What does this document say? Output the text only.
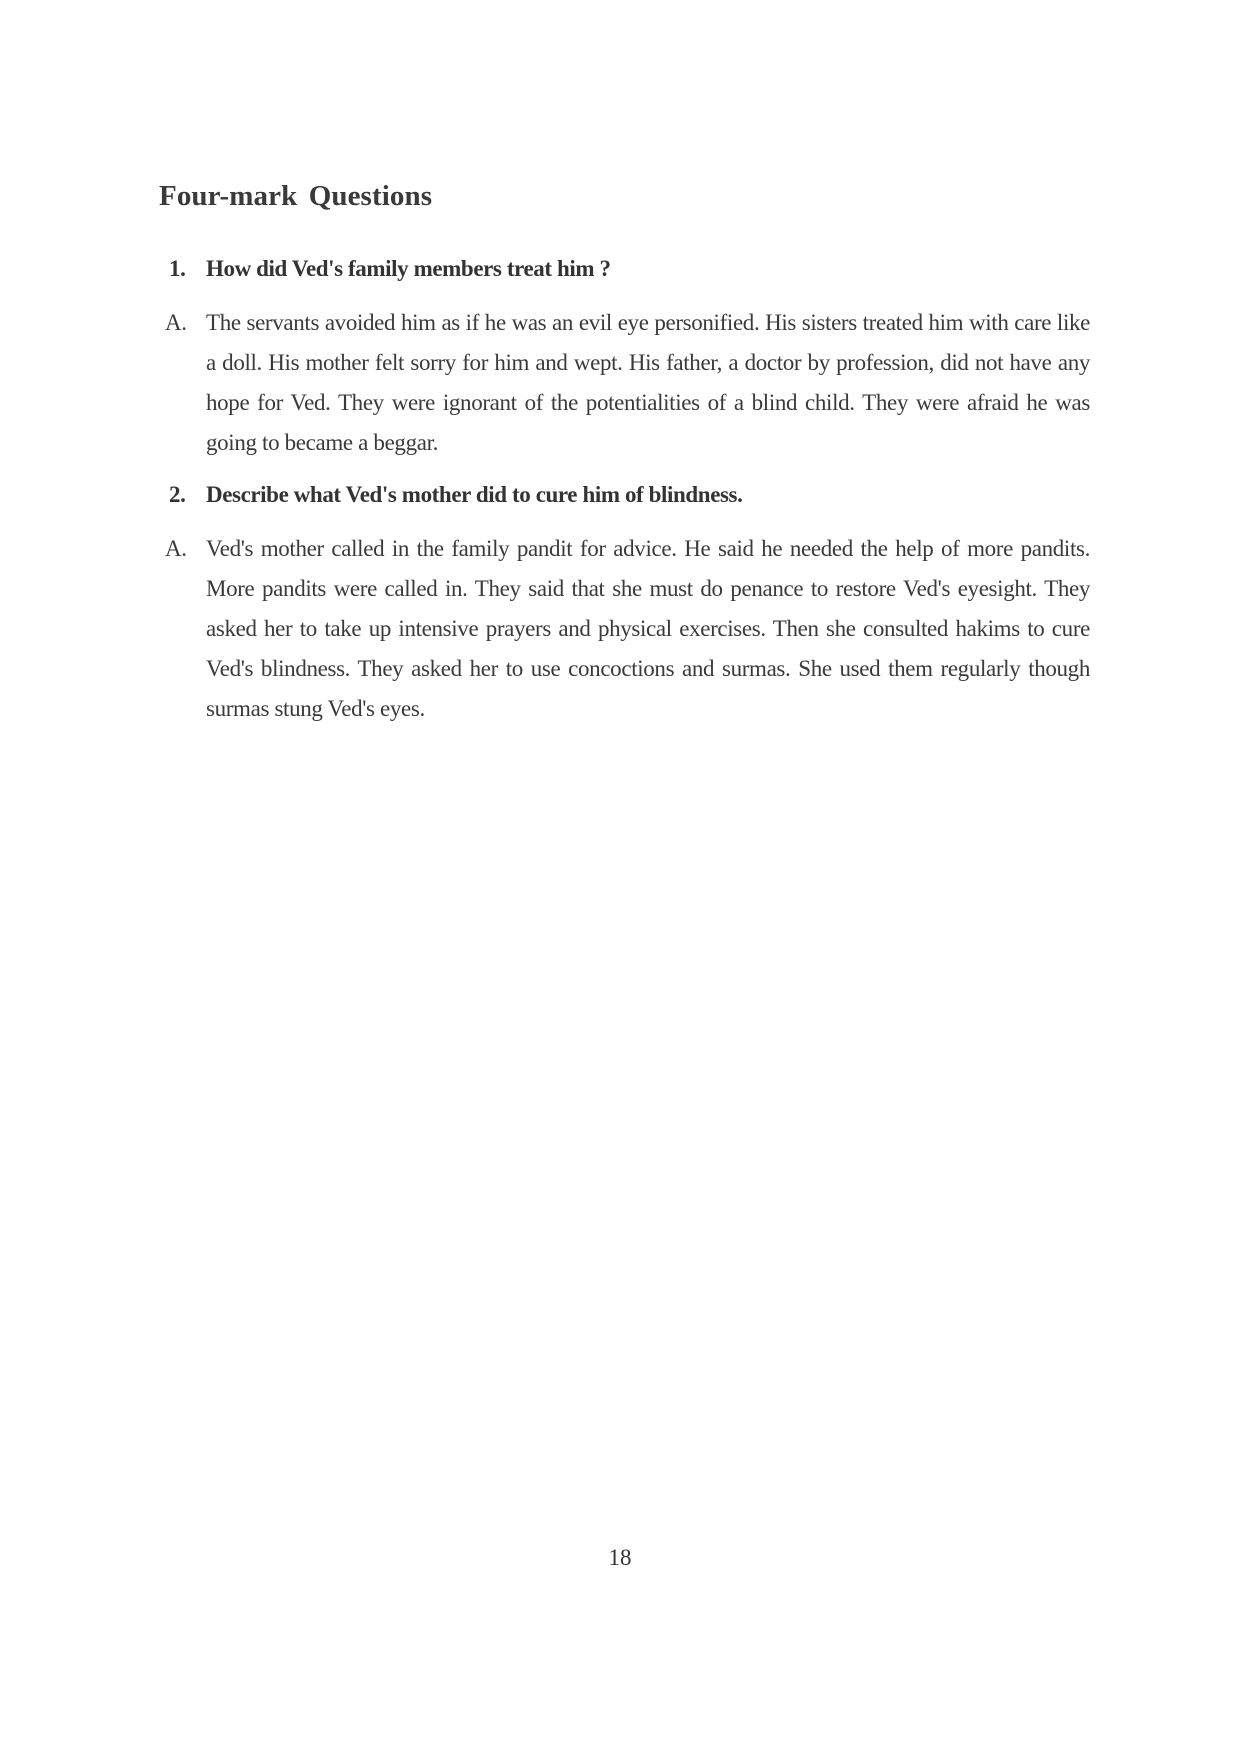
Four-mark Questions
1. How did Ved's family members treat him ?
A. The servants avoided him as if he was an evil eye personified. His sisters treated him with care like a doll. His mother felt sorry for him and wept. His father, a doctor by profession, did not have any hope for Ved. They were ignorant of the potentialities of a blind child. They were afraid he was going to became a beggar.

2. Describe what Ved's mother did to cure him of blindness.
A. Ved's mother called in the family pandit for advice. He said he needed the help of more pandits. More pandits were called in. They said that she must do penance to restore Ved's eyesight. They asked her to take up intensive prayers and physical exercises. Then she consulted hakims to cure Ved's blindness. They asked her to use concoctions and surmas. She used them regularly though surmas stung Ved's eyes.

18
